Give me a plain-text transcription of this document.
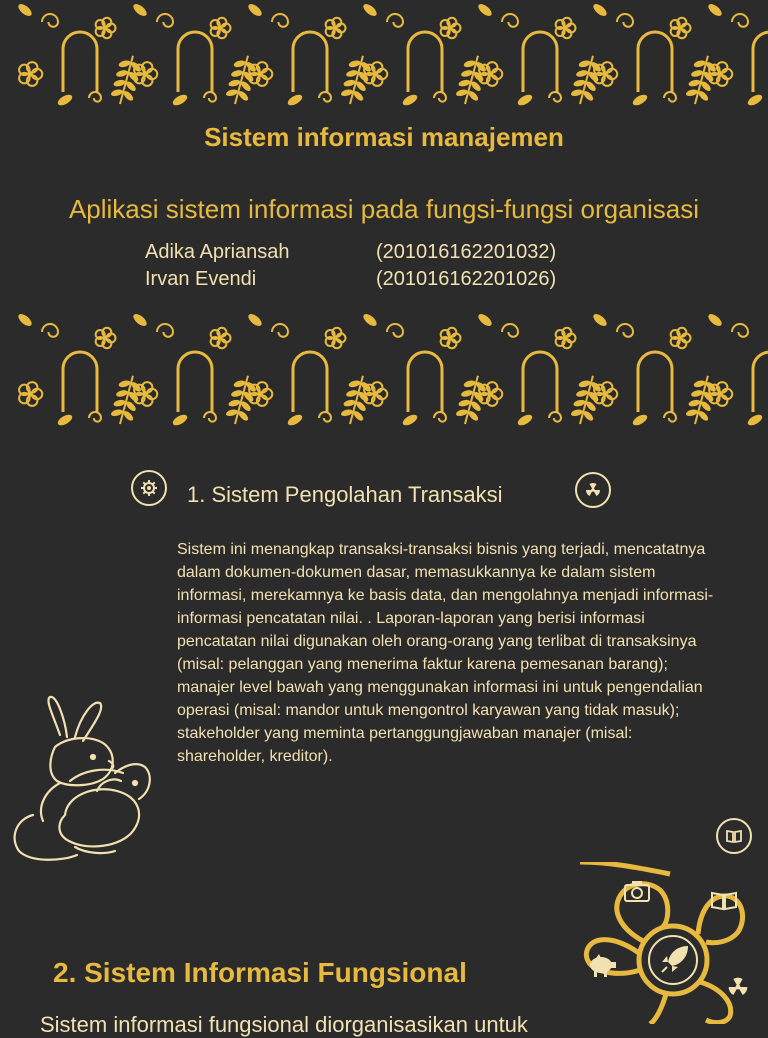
Sistem informasi manajemen
Aplikasi sistem informasi pada fungsi-fungsi organisasi
Adika Apriansah	(201016162201032)
Irvan Evendi	(201016162201026)
1. Sistem Pengolahan Transaksi
Sistem ini menangkap transaksi-transaksi bisnis yang terjadi, mencatatnya dalam dokumen-dokumen dasar, memasukkannya ke dalam sistem informasi, merekamnya ke basis data, dan mengolahnya menjadi informasi-informasi pencatatan nilai. . Laporan-laporan yang berisi informasi pencatatan nilai digunakan oleh orang-orang yang terlibat di transaksinya (misal: pelanggan yang menerima faktur karena pemesanan barang); manajer level bawah yang menggunakan informasi ini untuk pengendalian operasi (misal: mandor untuk mengontrol karyawan yang tidak masuk); stakeholder yang meminta pertanggungjawaban manajer (misal: shareholder, kreditor).
2. Sistem Informasi Fungsional
Sistem informasi fungsional diorganisasikan untuk
